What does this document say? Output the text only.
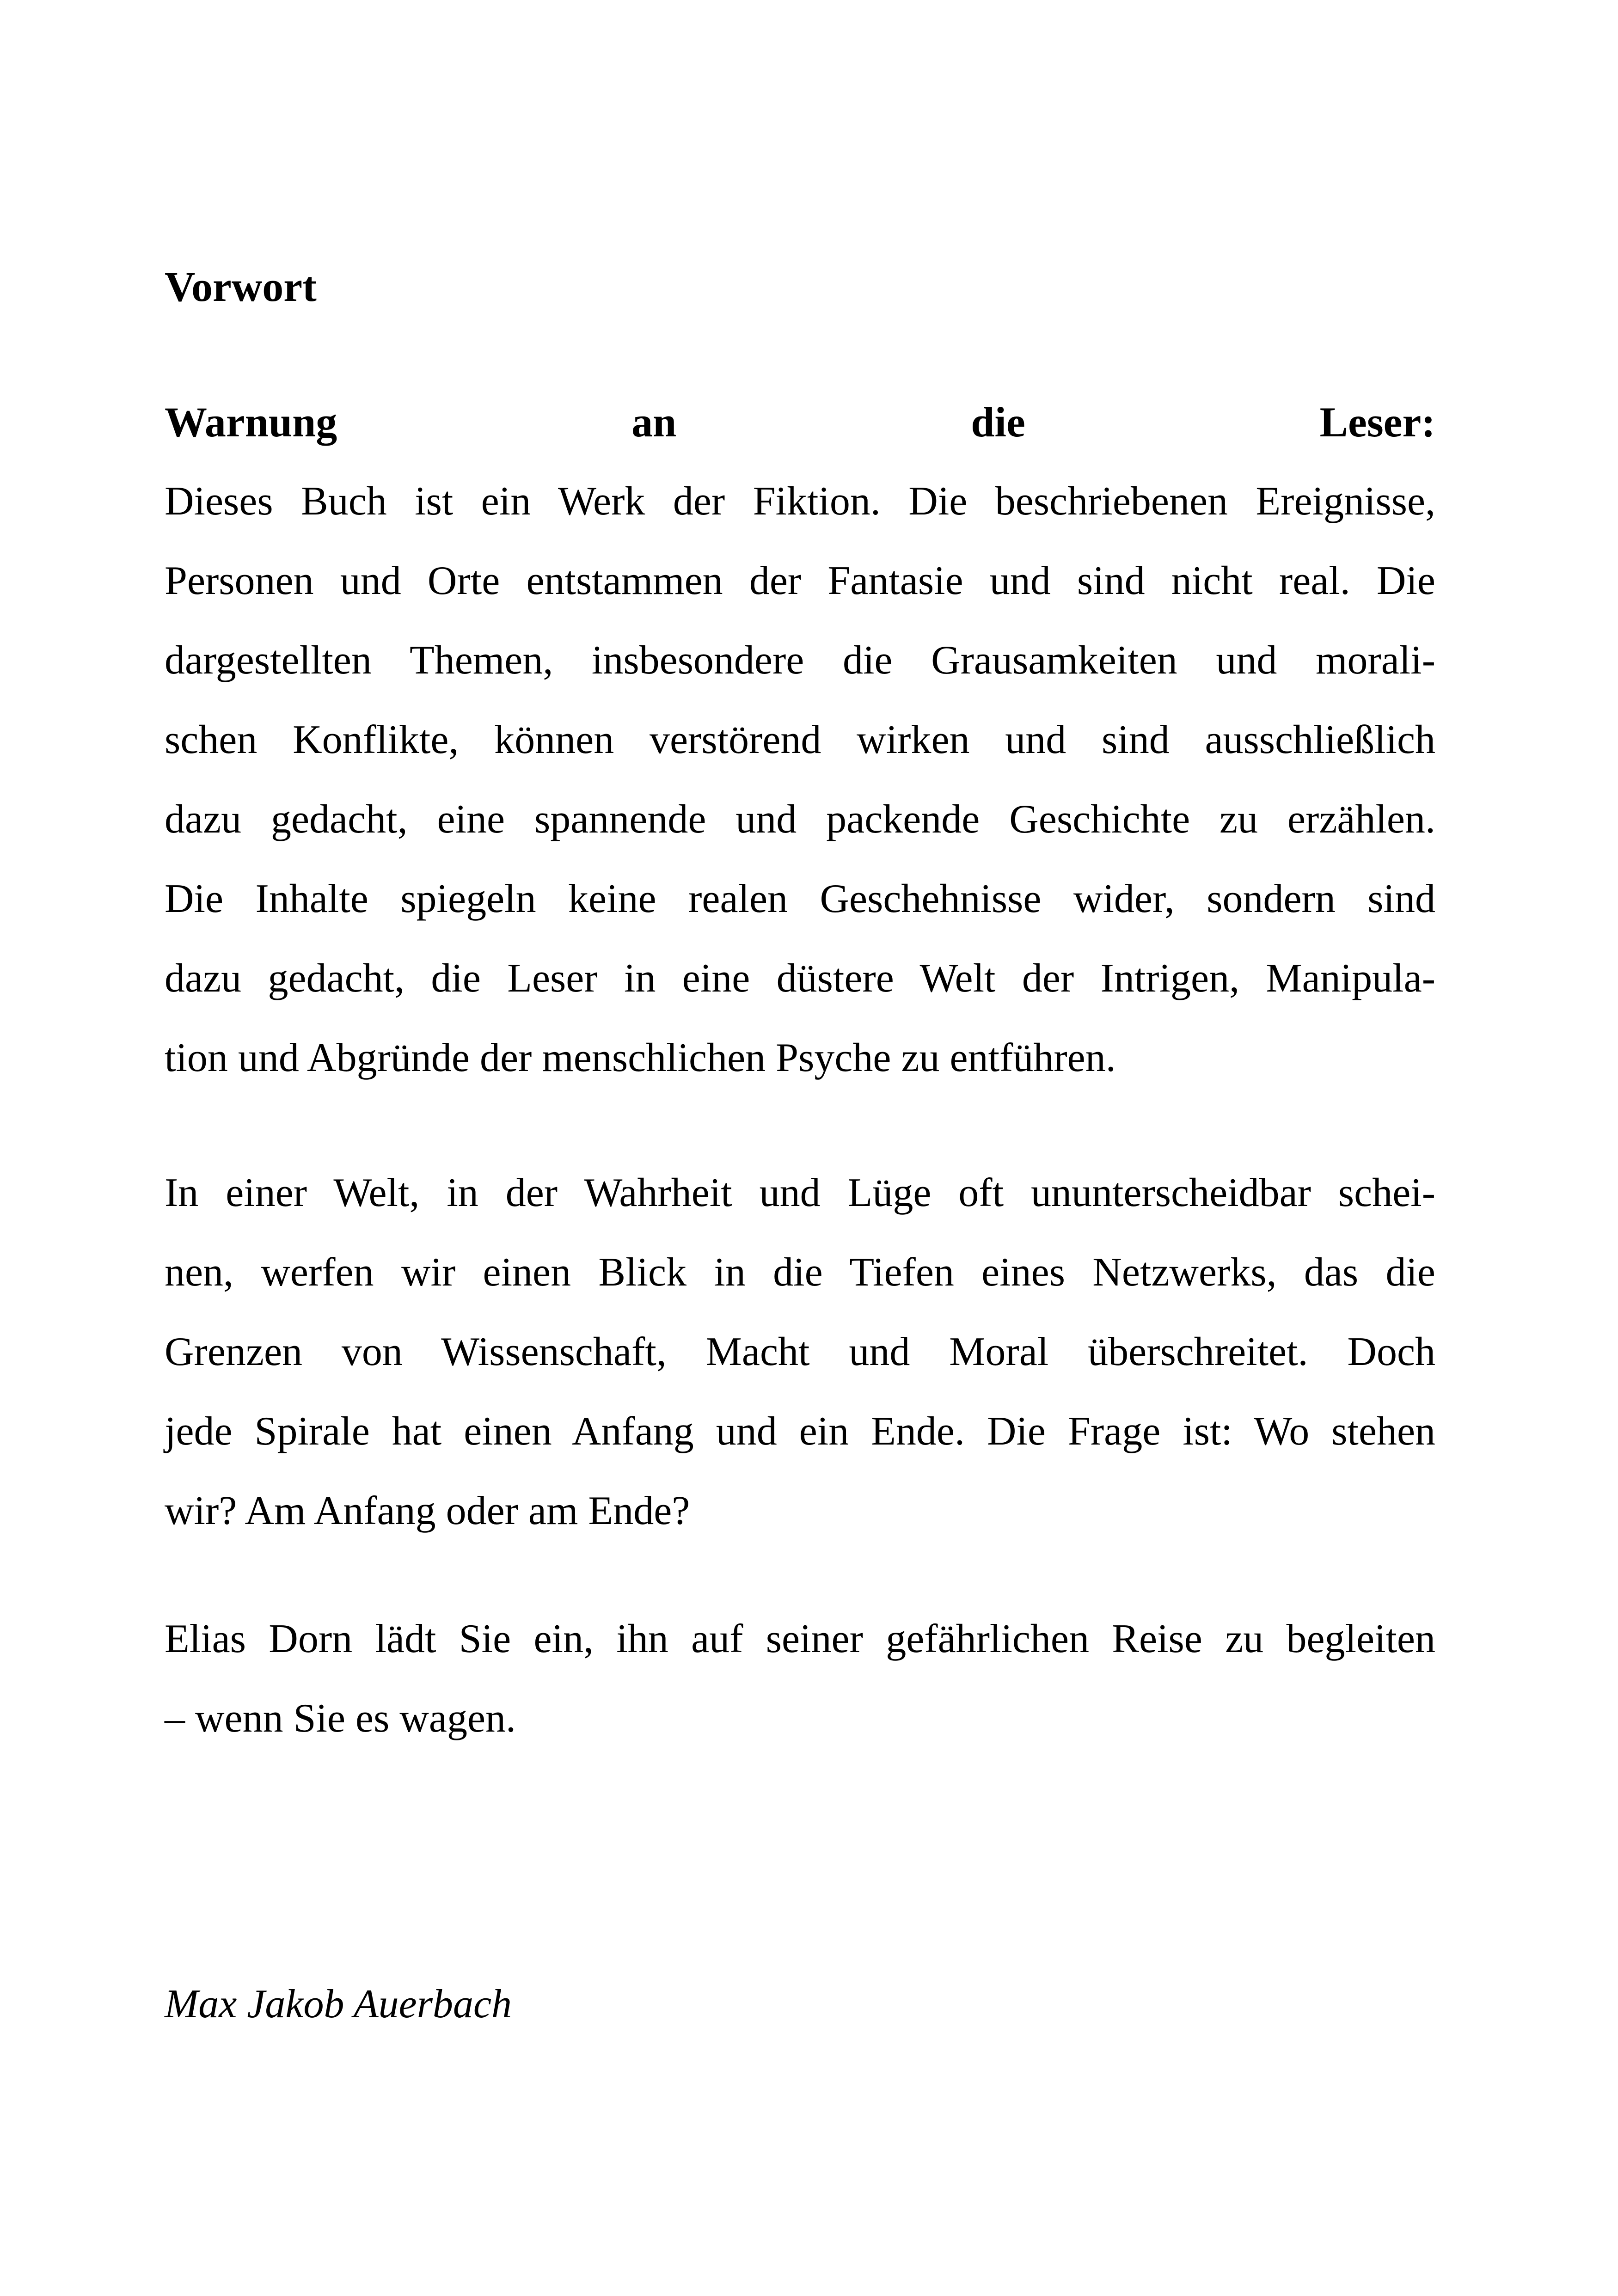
Vorwort
Warnung	an	die	Leser:
Dieses Buch ist ein Werk der Fiktion. Die beschriebenen Ereignisse,
Personen und Orte entstammen der Fantasie und sind nicht real. Die
dargestellten Themen, insbesondere die Grausamkeiten und morali-
schen Konflikte, können verstörend wirken und sind ausschließlich
dazu gedacht, eine spannende und packende Geschichte zu erzählen.
Die Inhalte spiegeln keine realen Geschehnisse wider, sondern sind
dazu gedacht, die Leser in eine düstere Welt der Intrigen, Manipula-
tion und Abgründe der menschlichen Psyche zu entführen.
In einer Welt, in der Wahrheit und Lüge oft ununterscheidbar schei-
nen, werfen wir einen Blick in die Tiefen eines Netzwerks, das die
Grenzen von Wissenschaft, Macht und Moral überschreitet. Doch
jede Spirale hat einen Anfang und ein Ende. Die Frage ist: Wo stehen
wir? Am Anfang oder am Ende?
Elias Dorn lädt Sie ein, ihn auf seiner gefährlichen Reise zu begleiten
– wenn Sie es wagen.
Max Jakob Auerbach
